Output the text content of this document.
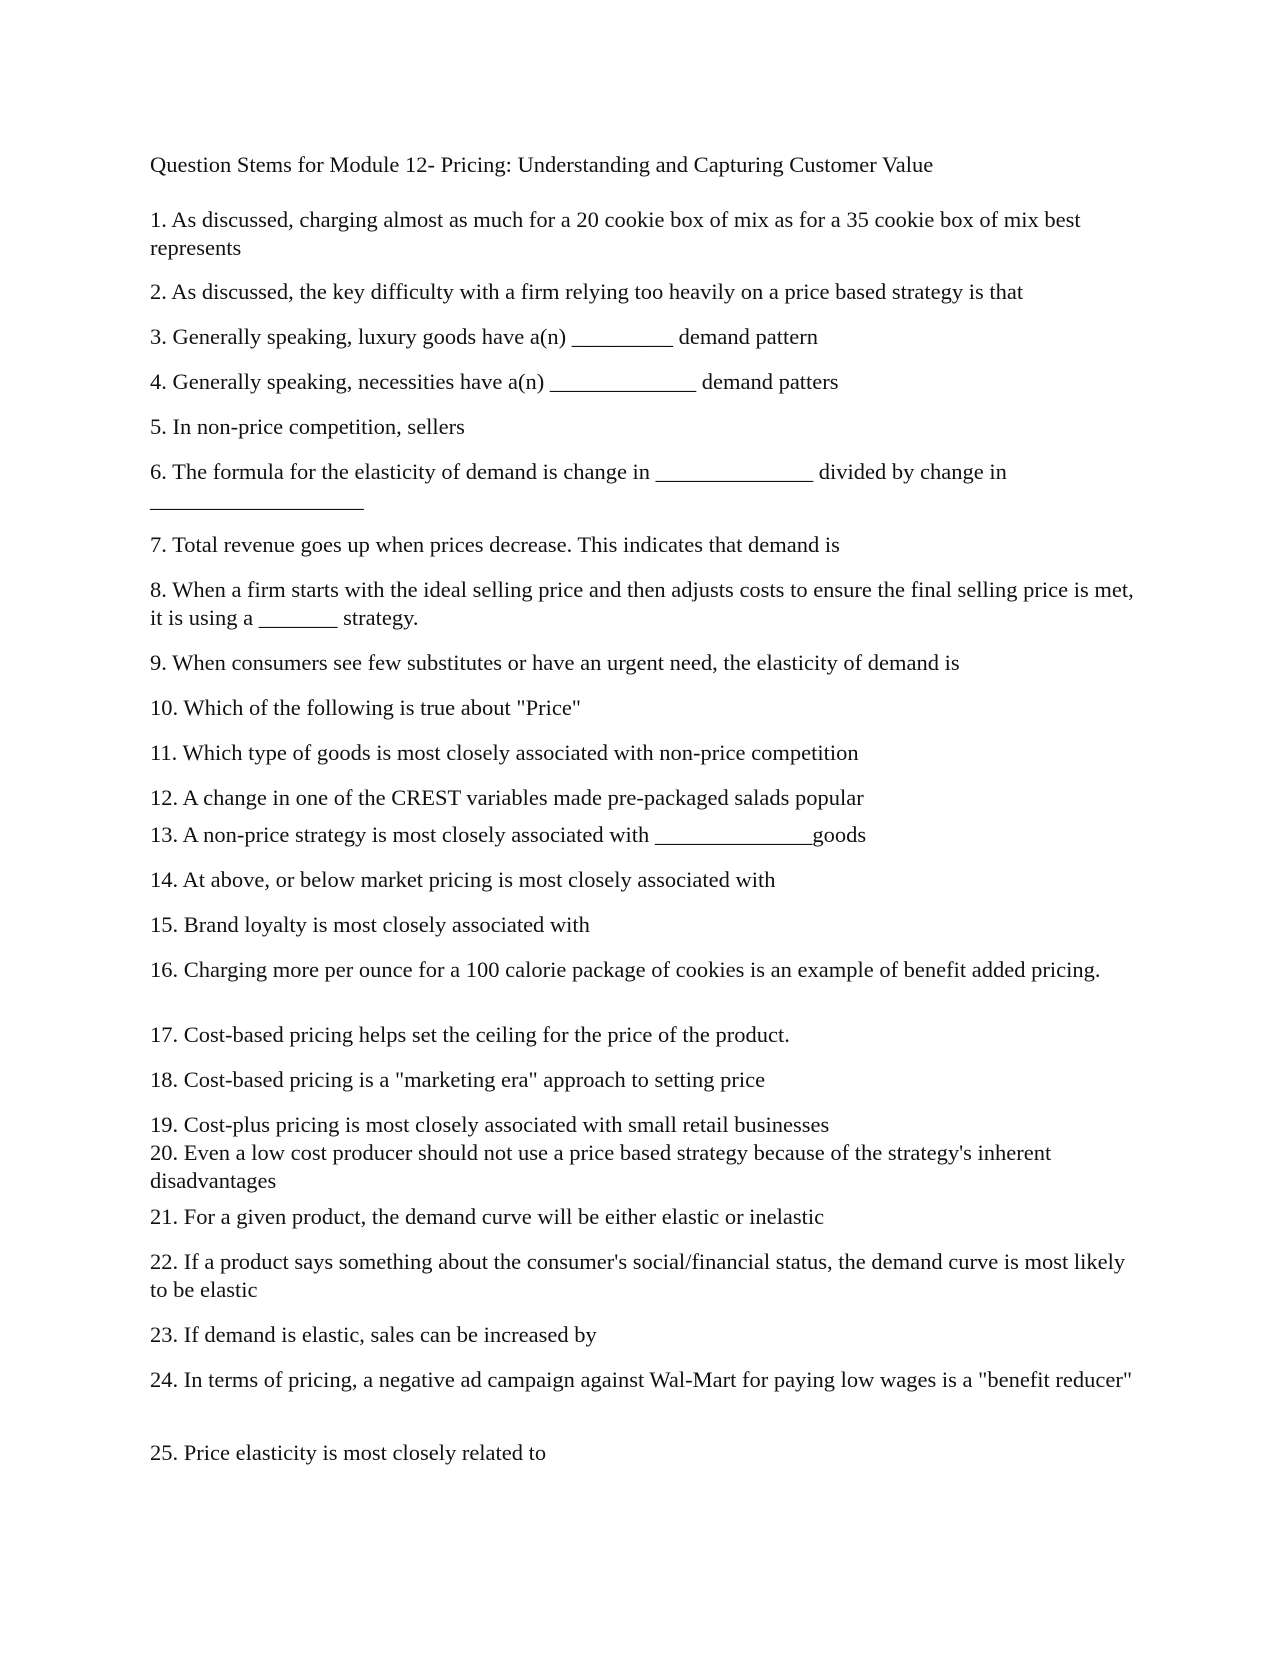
Question Stems for Module 12- Pricing: Understanding and Capturing Customer Value

1. As discussed, charging almost as much for a 20 cookie box of mix as for a 35 cookie box of mix best represents

2. As discussed, the key difficulty with a firm relying too heavily on a price based strategy is that

3. Generally speaking, luxury goods have a(n) _________ demand pattern

4. Generally speaking, necessities have a(n) _____________ demand patters

5. In non-price competition, sellers

6. The formula for the elasticity of demand is change in ______________ divided by change in ___________________

7. Total revenue goes up when prices decrease. This indicates that demand is

8. When a firm starts with the ideal selling price and then adjusts costs to ensure the final selling price is met, it is using a _______ strategy.

9. When consumers see few substitutes or have an urgent need, the elasticity of demand is

10. Which of the following is true about "Price"

11. Which type of goods is most closely associated with non-price competition

12. A change in one of the CREST variables made pre-packaged salads popular

13. A non-price strategy is most closely associated with ______________goods

14. At above, or below market pricing is most closely associated with

15. Brand loyalty is most closely associated with

16. Charging more per ounce for a 100 calorie package of cookies is an example of benefit added pricing.

17. Cost-based pricing helps set the ceiling for the price of the product.

18. Cost-based pricing is a "marketing era" approach to setting price

19. Cost-plus pricing is most closely associated with small retail businesses

20. Even a low cost producer should not use a price based strategy because of the strategy's inherent disadvantages

21. For a given product, the demand curve will be either elastic or inelastic

22. If a product says something about the consumer's social/financial status, the demand curve is most likely to be elastic

23. If demand is elastic, sales can be increased by

24. In terms of pricing, a negative ad campaign against Wal-Mart for paying low wages is a "benefit reducer"

25. Price elasticity is most closely related to
